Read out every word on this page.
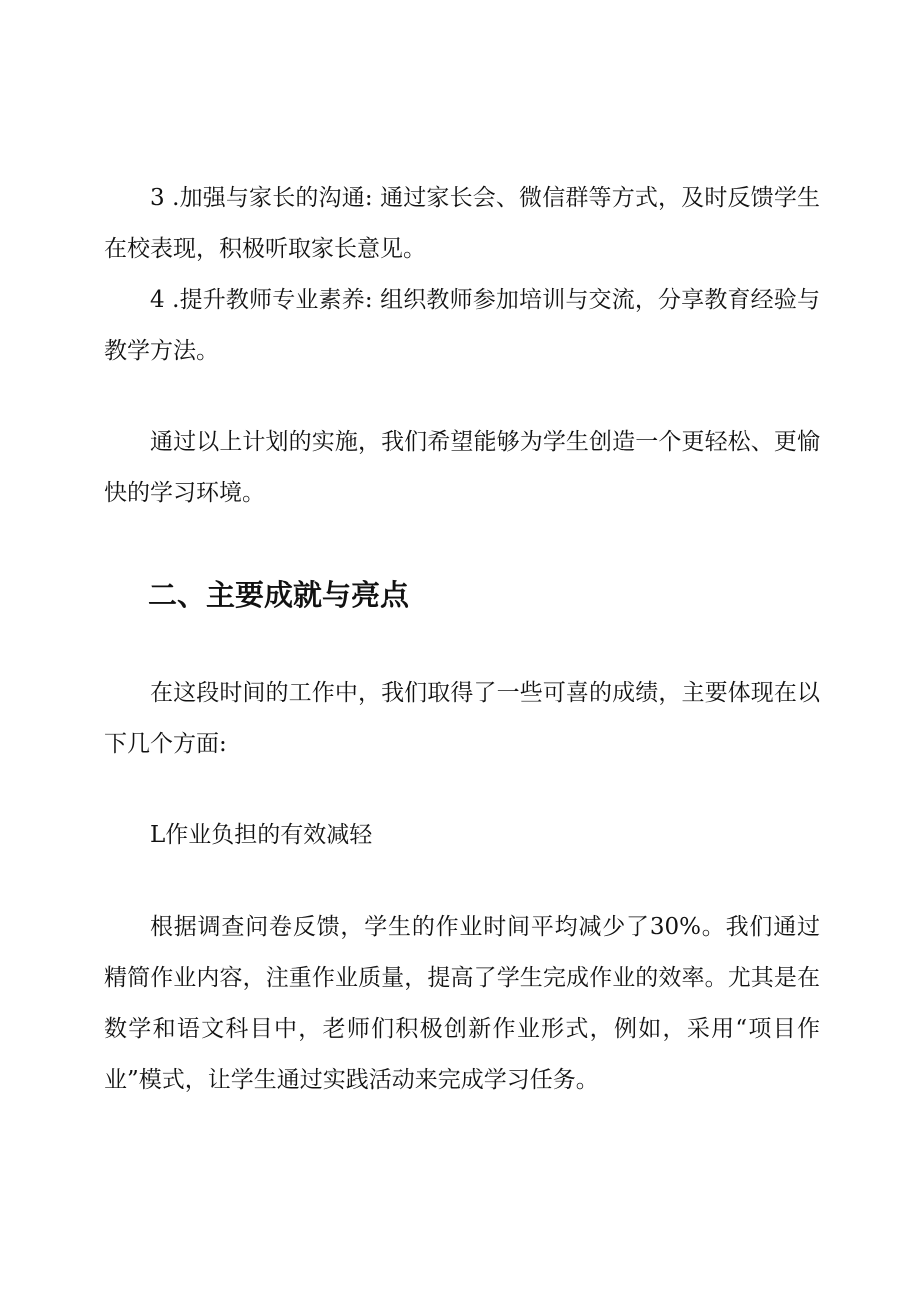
3 .加强与家长的沟通: 通过家长会、微信群等方式，及时反馈学生在校表现，积极听取家长意见。

4 .提升教师专业素养: 组织教师参加培训与交流，分享教育经验与教学方法。

通过以上计划的实施，我们希望能够为学生创造一个更轻松、更愉快的学习环境。

二、主要成就与亮点

在这段时间的工作中，我们取得了一些可喜的成绩，主要体现在以下几个方面:

L作业负担的有效减轻

根据调查问卷反馈，学生的作业时间平均减少了30%。我们通过精简作业内容，注重作业质量，提高了学生完成作业的效率。尤其是在数学和语文科目中，老师们积极创新作业形式，例如，采用“项目作业”模式，让学生通过实践活动来完成学习任务。
